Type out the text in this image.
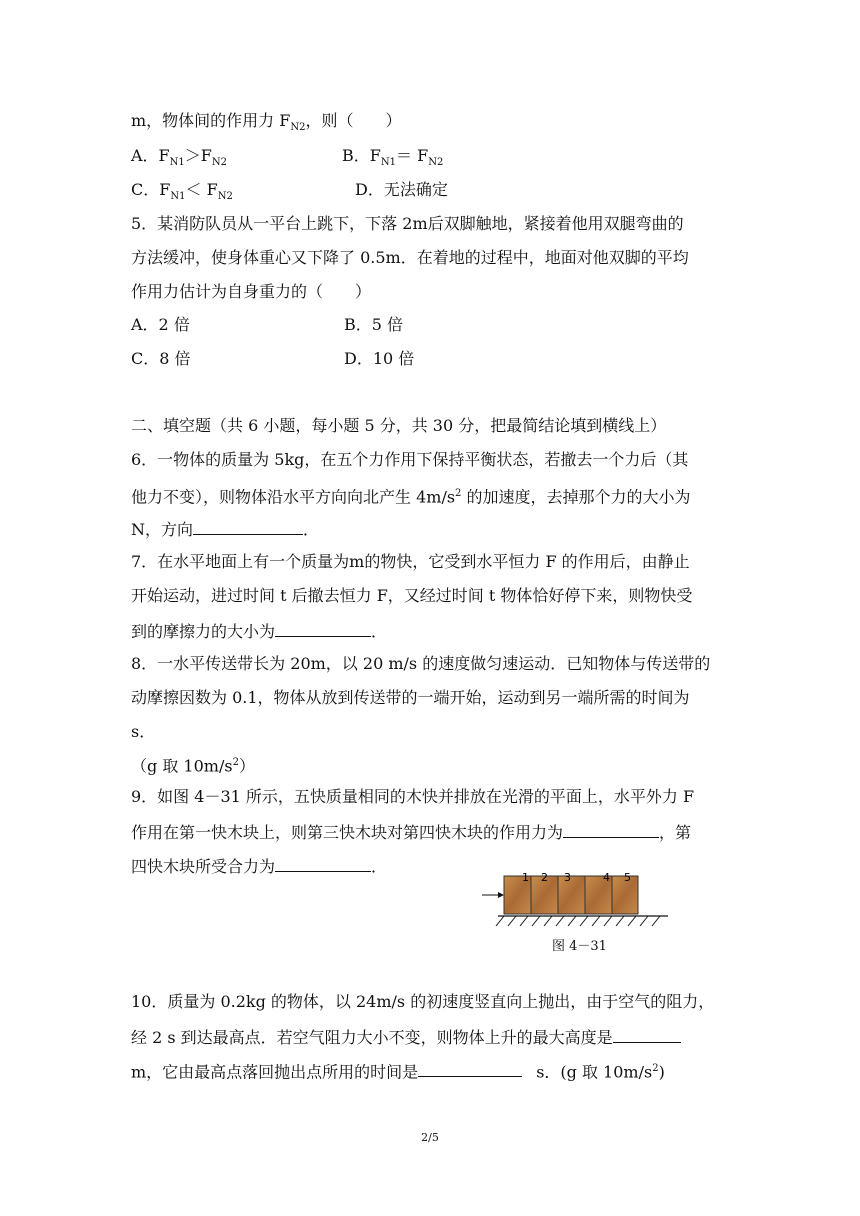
m，物体间的作用力 $F_{N2}$，则（　　）
A．$F_{N1}>F_{N2}$	B．$F_{N1}= F_{N2}$
C．$F_{N1}< F_{N2}$	D．无法确定
5．某消防队员从一平台上跳下，下落 2m后双脚触地，紧接着他用双腿弯曲的
方法缓冲，使身体重心又下降了 0.5m．在着地的过程中，地面对他双脚的平均
作用力估计为自身重力的（　　）
A．2 倍	B．5 倍
C．8 倍	D．10 倍
二、填空题（共 6 小题，每小题 5 分，共 30 分，把最简结论填到横线上）
6．一物体的质量为 5kg，在五个力作用下保持平衡状态，若撤去一个力后（其
他力不变），则物体沿水平方向向北产生 $4m/s^2$ 的加速度，去掉那个力的大小为
N，方向	．
7．在水平地面上有一个质量为m的物快，它受到水平恒力 F 的作用后，由静止
开始运动，进过时间 t 后撤去恒力 F，又经过时间 t 物体恰好停下来，则物快受
到的摩擦力的大小为	．
8．一水平传送带长为 20m，以 20 m/s 的速度做匀速运动．已知物体与传送带的
动摩擦因数为 0.1，物体从放到传送带的一端开始，运动到另一端所需的时间为
s．
（g 取 $10m/s^2$）
9．如图 4－31 所示，五快质量相同的木快并排放在光滑的平面上，水平外力 F
作用在第一快木块上，则第三快木块对第四快木块的作用力为	，第
四快木块所受合力为	．
1 2 3	4 5
图 4－31
10．质量为 0.2kg 的物体，以 24m/s 的初速度竖直向上抛出，由于空气的阻力，
经 2 s 到达最高点．若空气阻力大小不变，则物体上升的最大高度是
m，它由最高点落回抛出点所用的时间是	s．(g 取 $10m/s^2$)
2/5
